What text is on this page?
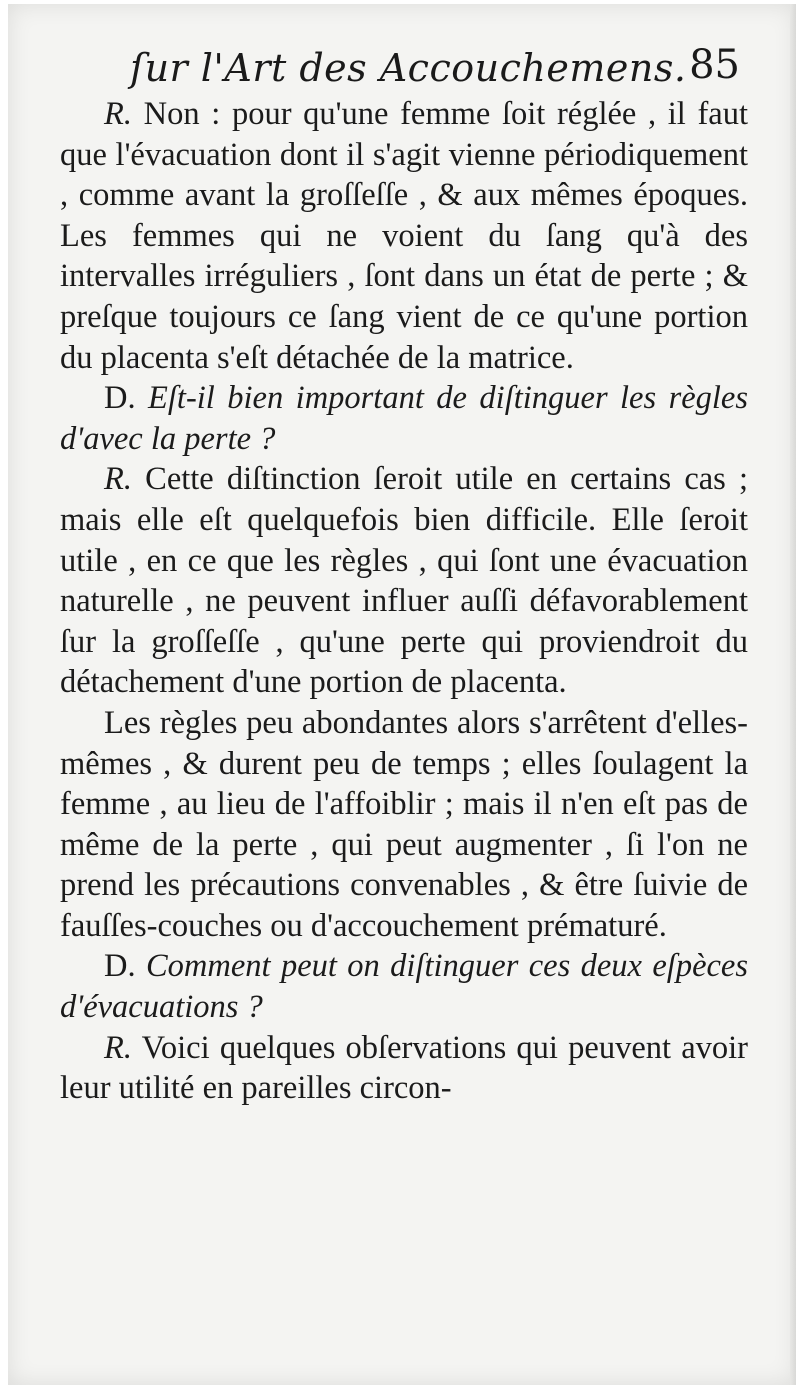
ſur l'Art des Accouchemens. 85

R. Non : pour qu'une femme ſoit réglée , il faut que l'évacuation dont il s'agit vienne périodiquement , comme avant la groſſeſſe , & aux mêmes époques. Les femmes qui ne voient du ſang qu'à des intervalles irréguliers , ſont dans un état de perte ; & preſque toujours ce ſang vient de ce qu'une portion du placenta s'eſt détachée de la matrice.

D. Eſt-il bien important de diſtinguer les règles d'avec la perte ?

R. Cette diſtinction ſeroit utile en certains cas ; mais elle eſt quelquefois bien difficile. Elle ſeroit utile , en ce que les règles , qui ſont une évacuation naturelle , ne peuvent influer auſſi défavorablement ſur la groſſeſſe , qu'une perte qui proviendroit du détachement d'une portion de placenta.

Les règles peu abondantes alors s'arrêtent d'elles-mêmes , & durent peu de temps ; elles ſoulagent la femme , au lieu de l'affoiblir ; mais il n'en eſt pas de même de la perte , qui peut augmenter , ſi l'on ne prend les précautions convenables , & être ſuivie de fauſſes-couches ou d'accouchement prématuré.

D. Comment peut on diſtinguer ces deux eſpèces d'évacuations ?

R. Voici quelques obſervations qui peuvent avoir leur utilité en pareilles circon-
